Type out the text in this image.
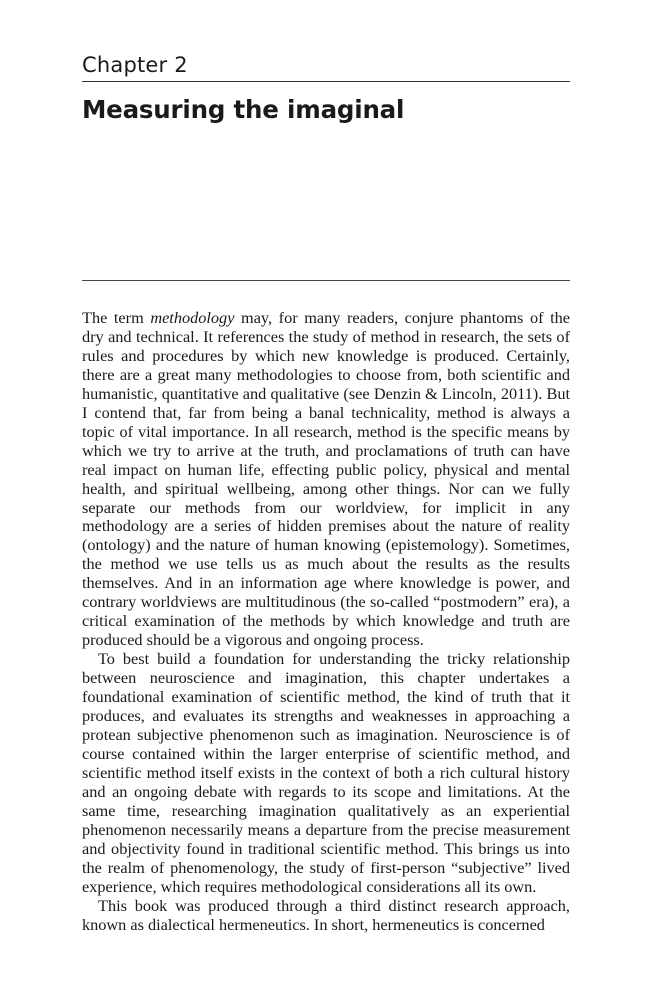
Chapter 2
Measuring the imaginal

The term methodology may, for many readers, conjure phantoms of the dry and technical. It references the study of method in research, the sets of rules and procedures by which new knowledge is produced. Certainly, there are a great many methodologies to choose from, both scientific and humanistic, quantitative and qualitative (see Denzin & Lincoln, 2011). But I contend that, far from being a banal technicality, method is always a topic of vital importance. In all research, method is the specific means by which we try to arrive at the truth, and proclamations of truth can have real impact on human life, effecting public policy, physical and mental health, and spiritual wellbeing, among other things. Nor can we fully separate our methods from our worldview, for implicit in any methodology are a series of hidden premises about the nature of reality (ontology) and the nature of human knowing (epistemology). Sometimes, the method we use tells us as much about the results as the results themselves. And in an information age where knowledge is power, and contrary worldviews are multitudinous (the so-called “postmodern” era), a critical examination of the methods by which knowledge and truth are produced should be a vigorous and ongoing process.

To best build a foundation for understanding the tricky relationship between neuroscience and imagination, this chapter undertakes a foundational examination of scientific method, the kind of truth that it produces, and evaluates its strengths and weaknesses in approaching a protean subjective phenomenon such as imagination. Neuroscience is of course contained within the larger enterprise of scientific method, and scientific method itself exists in the context of both a rich cultural history and an ongoing debate with regards to its scope and limitations. At the same time, researching imagination qualitatively as an experiential phenomenon necessarily means a departure from the precise measurement and objectivity found in traditional scientific method. This brings us into the realm of phenomenology, the study of first-person “subjective” lived experience, which requires methodological considerations all its own.

This book was produced through a third distinct research approach, known as dialectical hermeneutics. In short, hermeneutics is concerned
